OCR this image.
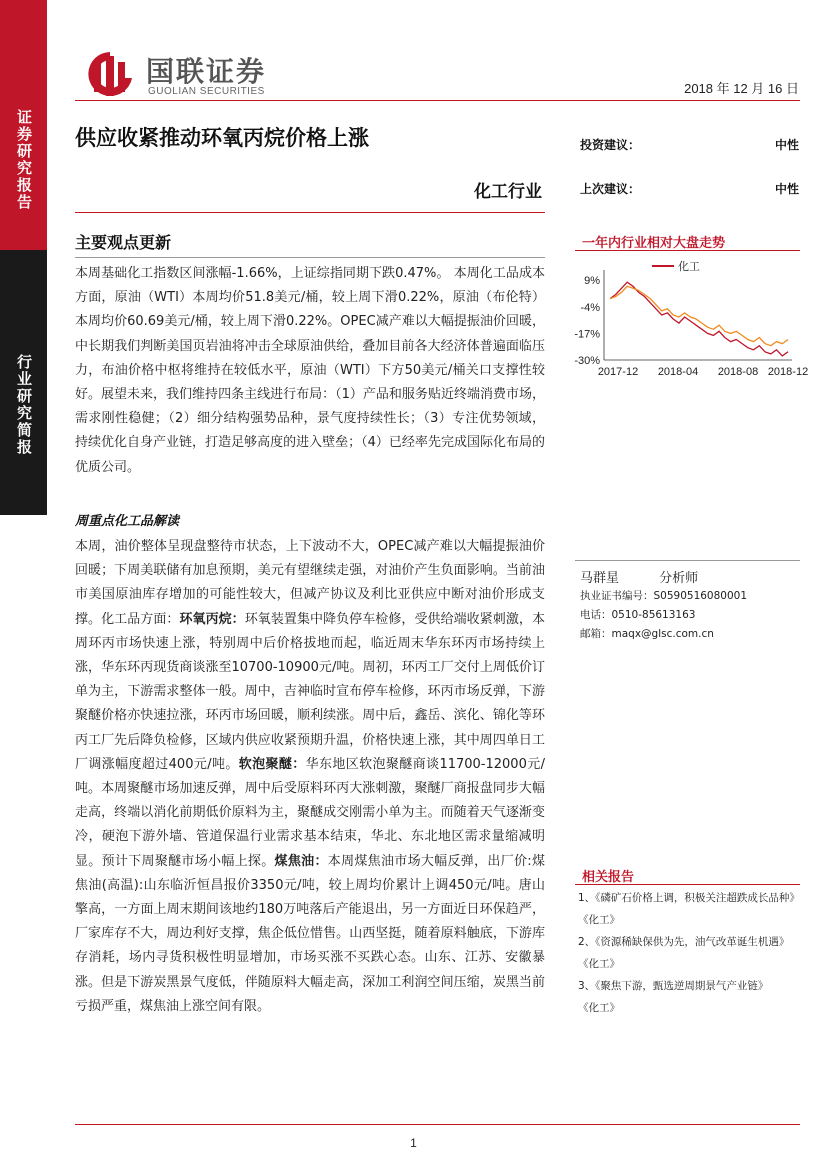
证券研究报告
行业研究简报
国联证券
GUOLIAN SECURITIES	2018 年 12 月 16 日
供应收紧推动环氧丙烷价格上涨
化工行业
投资建议：	中性
上次建议：	中性
主要观点更新
本周基础化工指数区间涨幅-1.66%，上证综指同期下跌0.47%。 本周化工品成本方面，原油（WTI）本周均价51.8美元/桶，较上周下滑0.22%，原油（布伦特）本周均价60.69美元/桶，较上周下滑0.22%。OPEC减产难以大幅提振油价回暖，中长期我们判断美国页岩油将冲击全球原油供给，叠加目前各大经济体普遍面临压力，布油价格中枢将维持在较低水平，原油（WTI）下方50美元/桶关口支撑性较好。展望未来，我们维持四条主线进行布局：（1）产品和服务贴近终端消费市场，需求刚性稳健；（2）细分结构强势品种，景气度持续性长；（3）专注优势领域，持续优化自身产业链，打造足够高度的进入壁垒；（4）已经率先完成国际化布局的优质公司。
周重点化工品解读
本周，油价整体呈现盘整待市状态，上下波动不大，OPEC减产难以大幅提振油价回暖；下周美联储有加息预期，美元有望继续走强，对油价产生负面影响。当前油市美国原油库存增加的可能性较大，但减产协议及利比亚供应中断对油价形成支撑。化工品方面：环氧丙烷：环氧装置集中降负停车检修，受供给端收紧刺激，本周环丙市场快速上涨，特别周中后价格拔地而起，临近周末华东环丙市场持续上涨，华东环丙现货商谈涨至10700-10900元/吨。周初，环丙工厂交付上周低价订单为主，下游需求整体一般。周中，吉神临时宣布停车检修，环丙市场反弹，下游聚醚价格亦快速拉涨，环丙市场回暖，顺利续涨。周中后，鑫岳、滨化、锦化等环丙工厂先后降负检修，区域内供应收紧预期升温，价格快速上涨，其中周四单日工厂调涨幅度超过400元/吨。软泡聚醚：华东地区软泡聚醚商谈11700-12000元/吨。本周聚醚市场加速反弹，周中后受原料环丙大涨刺激，聚醚厂商报盘同步大幅走高，终端以消化前期低价原料为主，聚醚成交刚需小单为主。而随着天气逐渐变冷，硬泡下游外墙、管道保温行业需求基本结束，华北、东北地区需求量缩减明显。预计下周聚醚市场小幅上探。煤焦油：本周煤焦油市场大幅反弹，出厂价:煤焦油(高温):山东临沂恒昌报价3350元/吨，较上周均价累计上调450元/吨。唐山擎高，一方面上周末期间该地约180万吨落后产能退出，另一方面近日环保趋严，厂家库存不大，周边利好支撑，焦企低位惜售。山西坚挺，随着原料触底，下游库存消耗，场内寻货积极性明显增加，市场买涨不买跌心态。山东、江苏、安徽暴涨。但是下游炭黑景气度低，伴随原料大幅走高，深加工利润空间压缩，炭黑当前亏损严重，煤焦油上涨空间有限。
一年内行业相对大盘走势
9%
-4%
-17%
-30%
2017-12 2018-04 2018-08 2018-12
化工
马群星	分析师
执业证书编号：S0590516080001
电话：0510-85613163
邮箱：maqx@glsc.com.cn
相关报告
1、《磷矿石价格上调，积极关注超跌成长品种》
《化工》
2、《资源稀缺保供为先，油气改革诞生机遇》
《化工》
3、《聚焦下游，甄选逆周期景气产业链》
《化工》
1
